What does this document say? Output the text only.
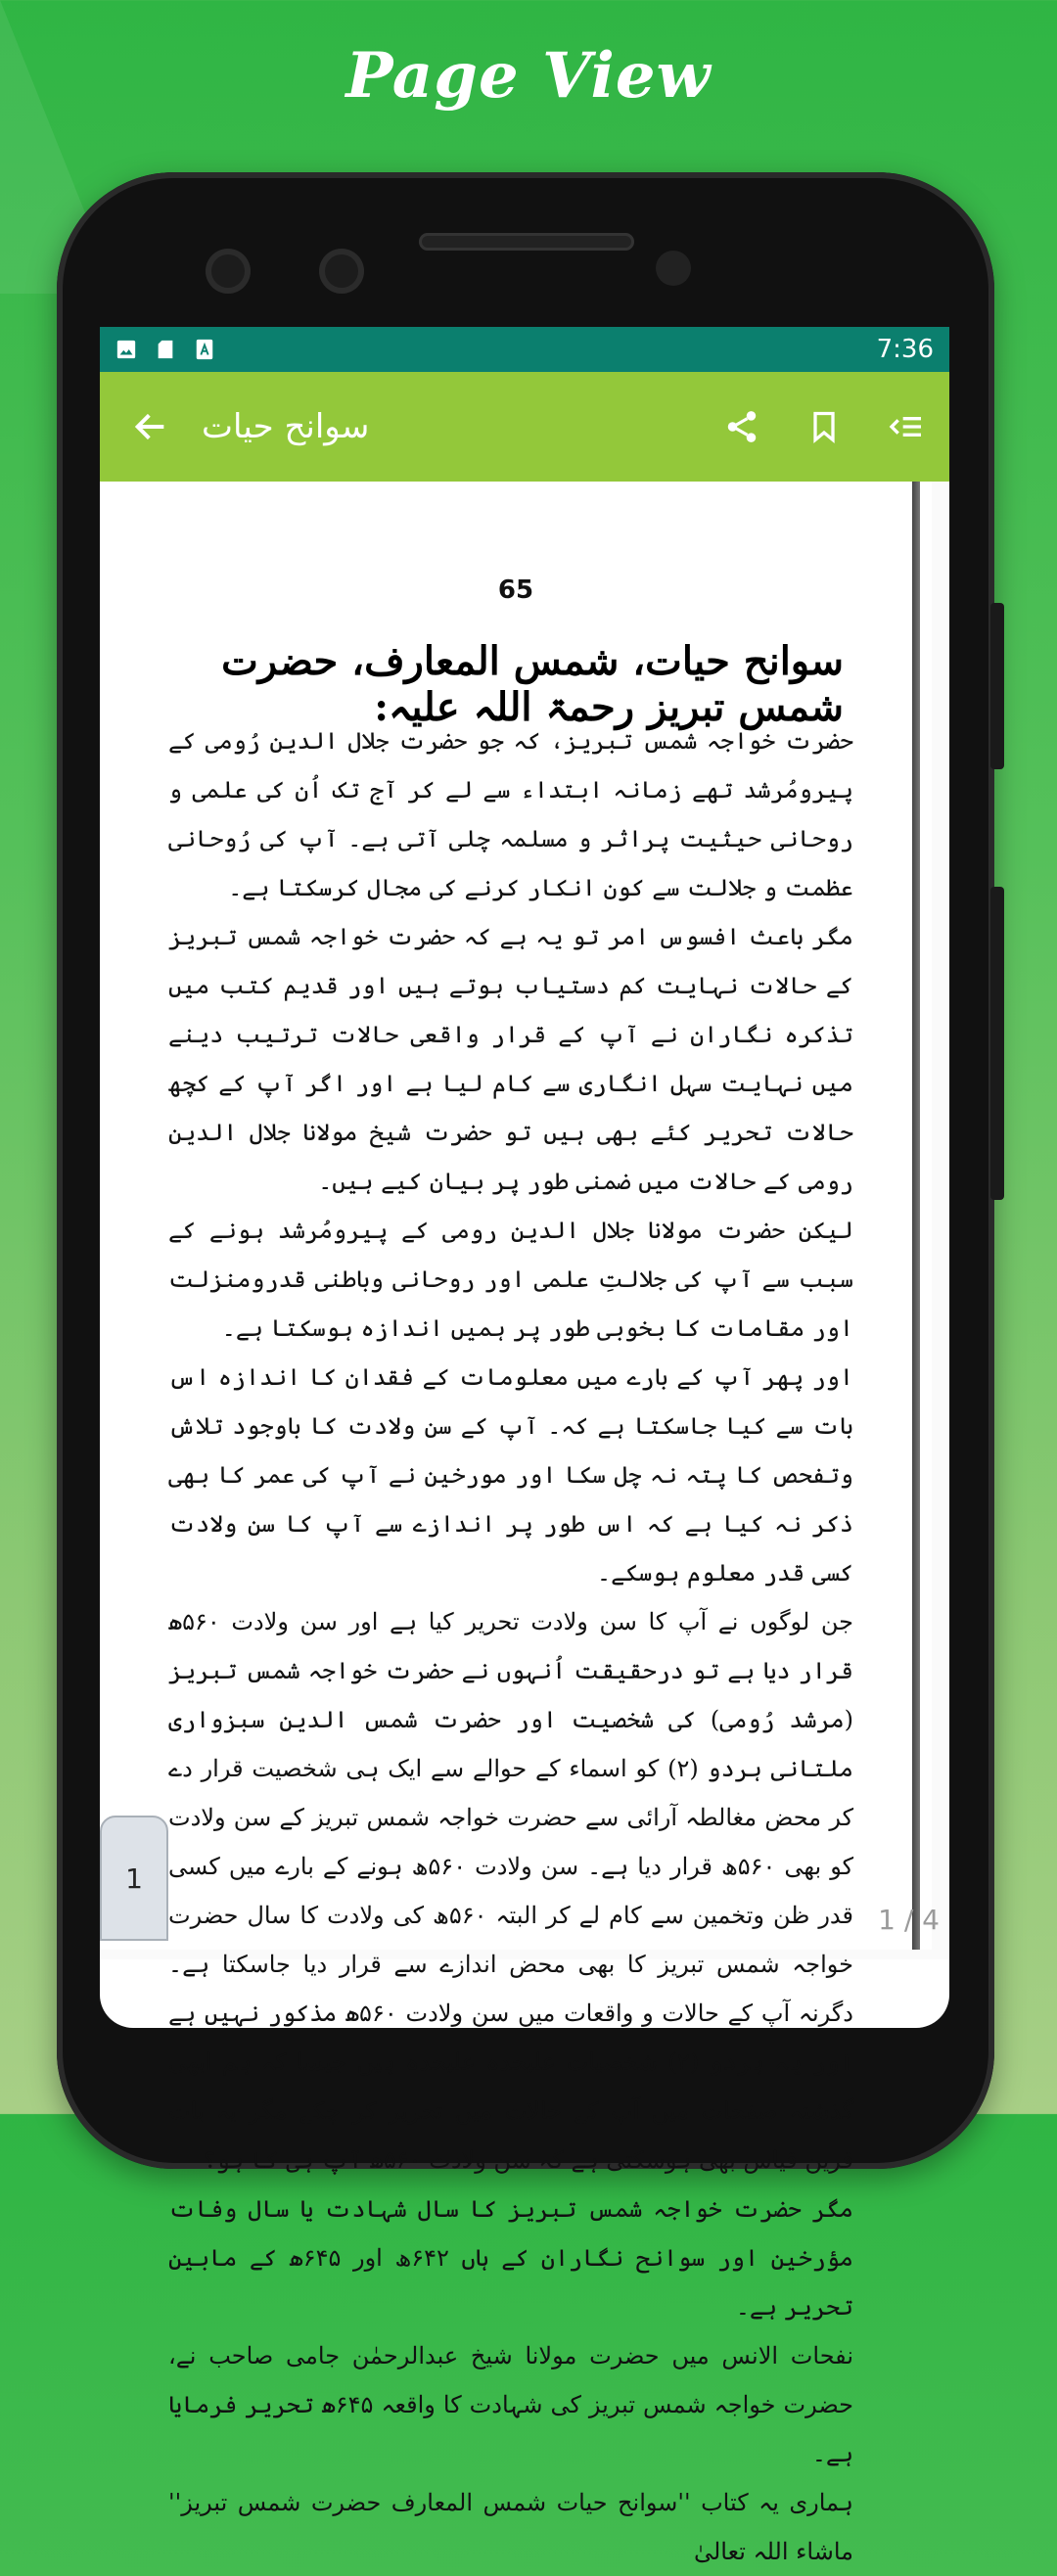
Page View
7:36
سوانح حیات
65
سوانح حیات، شمس المعارف، حضرت شمس تبریز رحمۃ اللہ علیہ:

حضرت خواجہ شمس تبریز، کہ جو حضرت جلال الدین رُومی کے پیرومُرشد تھے زمانہ ابتداء سے لے کر آج تک اُن کی علمی و روحانی حیثیت پراثر و مسلمہ چلی آتی ہے۔ آپ کی رُوحانی عظمت و جلالت سے کون انکار کرنے کی مجال کرسکتا ہے۔

مگر باعث افسوس امر تو یہ ہے کہ حضرت خواجہ شمس تبریز کے حالات نہایت کم دستیاب ہوتے ہیں اور قدیم کتب میں تذکرہ نگاران نے آپ کے قرار واقعی حالات ترتیب دینے میں نہایت سہل انگاری سے کام لیا ہے اور اگر آپ کے کچھ حالات تحریر کئے بھی ہیں تو حضرت شیخ مولانا جلال الدین رومی کے حالات میں ضمنی طور پر بیان کیے ہیں۔

لیکن حضرت مولانا جلال الدین رومی کے پیرومُرشد ہونے کے سبب سے آپ کی جلالتِ علمی اور روحانی وباطنی قدرومنزلت اور مقامات کا بخوبی طور پر ہمیں اندازہ ہوسکتا ہے۔

اور پھر آپ کے بارے میں معلومات کے فقدان کا اندازہ اس بات سے کیا جاسکتا ہے کہ۔ آپ کے سن ولادت کا باوجود تلاش وتفحص کا پتہ نہ چل سکا اور مورخین نے آپ کی عمر کا بھی ذکر نہ کیا ہے کہ اس طور پر اندازے سے آپ کا سن ولادت کسی قدر معلوم ہوسکے۔

جن لوگوں نے آپ کا سن ولادت تحریر کیا ہے اور سن ولادت ۵۶۰ھ قرار دیا ہے تو درحقیقت اُنہوں نے حضرت خواجہ شمس تبریز (مرشد رُومی) کی شخصیت اور حضرت شمس الدین سبزواری ملتانی ہردو (۲) کو اسماء کے حوالے سے ایک ہی شخصیت قرار دے کر محض مغالطہ آرائی سے حضرت خواجہ شمس تبریز کے سن ولادت کو بھی ۵۶۰ھ قرار دیا ہے۔ سن ولادت ۵۶۰ھ ہونے کے بارے میں کسی قدر ظن وتخمین سے کام لے کر البتہ ۵۶۰ھ کی ولادت کا سال حضرت خواجہ شمس تبریز کا بھی محض اندازے سے قرار دیا جاسکتا ہے۔ دگرنہ آپ کے حالات و واقعات میں سن ولادت ۵۶۰ھ مذکور نہیں ہے اور یہ ہردو (۲) شخصیات علیحدہ علیحدہ ہیں جیسا کہ ہم ابھی گذشتہ صفحات میں آپ کے حالات میں تحریر کر چکے مگر یہ بات قرین قیاس بھی ہوسکتی ہے کہ سن ولادت ۵۶۰ھ آپ ہی کا ہو؟

مگر حضرت خواجہ شمس تبریز کا سال شہادت یا سال وفات مؤرخین اور سوانح نگاران کے ہاں ۶۴۲ھ اور ۶۴۵ھ کے مابین تحریر ہے۔

نفحات الانس میں حضرت مولانا شیخ عبدالرحمٰن جامی صاحب نے، حضرت خواجہ شمس تبریز کی شہادت کا واقعہ ۶۴۵ھ تحریر فرمایا ہے۔

ہماری یہ کتاب ''سوانح حیات شمس المعارف حضرت شمس تبریز'' ماشاء اللہ تعالیٰ

1
1 / 4
